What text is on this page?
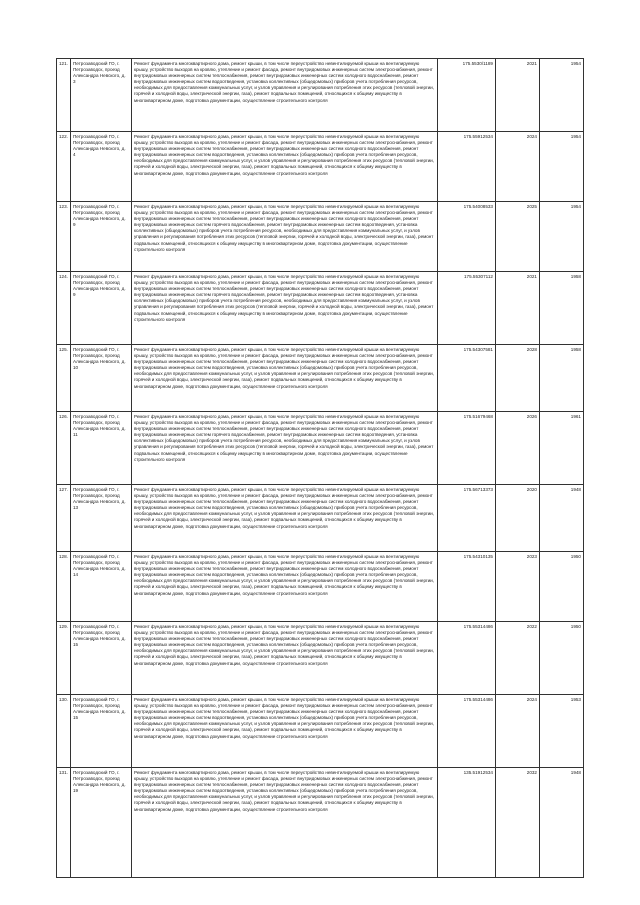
121.	Петрозаводский ГО, г. Петрозаводск, проезд Александра Невского, д. 3	Ремонт фундамента многоквартирного дома, ремонт крыши, в том числе переустройство невентилируемой крыши на вентилируемую крышу, устройство выходов на кровлю, утепление и ремонт фасада, ремонт внутридомовых инженерных систем электроснабжения, ремонт внутридомовых инженерных систем теплоснабжения, ремонт внутридомовых инженерных систем холодного водоснабжения, ремонт внутридомовых инженерных систем водоотведения, установка коллективных (общедомовых) приборов учета потребления ресурсов, необходимых для предоставления коммунальных услуг, и узлов управления и регулирования потребления этих ресурсов (тепловой энергии, горячей и холодной воды, электрической энергии, газа), ремонт подвальных помещений, относящихся к общему имуществу в многоквартирном доме, подготовка документации, осуществление строительного контроля	175.5530/1189	2021	1954
122.	Петрозаводский ГО, г. Петрозаводск, проезд Александра Невского, д. 4	Ремонт фундамента многоквартирного дома, ремонт крыши, в том числе переустройство невентилируемой крыши на вентилируемую крышу, устройство выходов на кровлю, утепление и ремонт фасада, ремонт внутридомовых инженерных систем электроснабжения, ремонт внутридомовых инженерных систем теплоснабжения, ремонт внутридомовых инженерных систем холодного водоснабжения, ремонт внутридомовых инженерных систем водоотведения, установка коллективных (общедомовых) приборов учета потребления ресурсов, необходимых для предоставления коммунальных услуг, и узлов управления и регулирования потребления этих ресурсов (тепловой энергии, горячей и холодной воды, электрической энергии, газа), ремонт подвальных помещений, относящихся к общему имуществу в многоквартирном доме, подготовка документации, осуществление строительного контроля	175.55912534	2024	1954
123.	Петрозаводский ГО, г. Петрозаводск, проезд Александра Невского, д. 9	Ремонт фундамента многоквартирного дома, ремонт крыши, в том числе переустройство невентилируемой крыши на вентилируемую крышу, устройство выходов на кровлю, утепление и ремонт фасада, ремонт внутридомовых инженерных систем электроснабжения, ремонт внутридомовых инженерных систем теплоснабжения, ремонт внутридомовых инженерных систем холодного водоснабжения, ремонт внутридомовых инженерных систем горячего водоснабжения, ремонт внутридомовых инженерных систем водоотведения, установка коллективных (общедомовых) приборов учета потребления ресурсов, необходимых для предоставления коммунальных услуг, и узлов управления и регулирования потребления этих ресурсов (тепловой энергии, горячей и холодной воды, электрической энергии, газа), ремонт подвальных помещений, относящихся к общему имуществу в многоквартирном доме, подготовка документации, осуществление строительного контроля	175.54008533	2025	1954
124.	Петрозаводский ГО, г. Петрозаводск, проезд Александра Невского, д. 9	Ремонт фундамента многоквартирного дома, ремонт крыши, в том числе переустройство невентилируемой крыши на вентилируемую крышу, устройство выходов на кровлю, утепление и ремонт фасада, ремонт внутридомовых инженерных систем электроснабжения, ремонт внутридомовых инженерных систем теплоснабжения, ремонт внутридомовых инженерных систем холодного водоснабжения, ремонт внутридомовых инженерных систем горячего водоснабжения, ремонт внутридомовых инженерных систем водоотведения, установка коллективных (общедомовых) приборов учета потребления ресурсов, необходимых для предоставления коммунальных услуг, и узлов управления и регулирования потребления этих ресурсов (тепловой энергии, горячей и холодной воды, электрической энергии, газа), ремонт подвальных помещений, относящихся к общему имуществу в многоквартирном доме, подготовка документации, осуществление строительного контроля	175.55307112	2021	1958
125.	Петрозаводский ГО, г. Петрозаводск, проезд Александра Невского, д. 10	Ремонт фундамента многоквартирного дома, ремонт крыши, в том числе переустройство невентилируемой крыши на вентилируемую крышу, устройство выходов на кровлю, утепление и ремонт фасада, ремонт внутридомовых инженерных систем электроснабжения, ремонт внутридомовых инженерных систем теплоснабжения, ремонт внутридомовых инженерных систем холодного водоснабжения, ремонт внутридомовых инженерных систем водоотведения, установка коллективных (общедомовых) приборов учета потребления ресурсов, необходимых для предоставления коммунальных услуг, и узлов управления и регулирования потребления этих ресурсов (тепловой энергии, горячей и холодной воды, электрической энергии, газа), ремонт подвальных помещений, относящихся к общему имуществу в многоквартирном доме, подготовка документации, осуществление строительного контроля	175.54307581	2028	1958
126.	Петрозаводский ГО, г. Петрозаводск, проезд Александра Невского, д. 11	Ремонт фундамента многоквартирного дома, ремонт крыши, в том числе переустройство невентилируемой крыши на вентилируемую крышу, устройство выходов на кровлю, утепление и ремонт фасада, ремонт внутридомовых инженерных систем электроснабжения, ремонт внутридомовых инженерных систем теплоснабжения, ремонт внутридомовых инженерных систем холодного водоснабжения, ремонт внутридомовых инженерных систем горячего водоснабжения, ремонт внутридомовых инженерных систем водоотведения, установка коллективных (общедомовых) приборов учета потребления ресурсов, необходимых для предоставления коммунальных услуг, и узлов управления и регулирования потребления этих ресурсов (тепловой энергии, горячей и холодной воды, электрической энергии, газа), ремонт подвальных помещений, относящихся к общему имуществу в многоквартирном доме, подготовка документации, осуществление строительного контроля	175.51679468	2026	1961
127.	Петрозаводский ГО, г. Петрозаводск, проезд Александра Невского, д. 13	Ремонт фундамента многоквартирного дома, ремонт крыши, в том числе переустройство невентилируемой крыши на вентилируемую крышу, устройство выходов на кровлю, утепление и ремонт фасада, ремонт внутридомовых инженерных систем электроснабжения, ремонт внутридомовых инженерных систем теплоснабжения, ремонт внутридомовых инженерных систем холодного водоснабжения, ремонт внутридомовых инженерных систем водоотведения, установка коллективных (общедомовых) приборов учета потребления ресурсов, необходимых для предоставления коммунальных услуг, и узлов управления и регулирования потребления этих ресурсов (тепловой энергии, горячей и холодной воды, электрической энергии, газа), ремонт подвальных помещений, относящихся к общему имуществу в многоквартирном доме, подготовка документации, осуществление строительного контроля	175.56713373	2020	1948
128.	Петрозаводский ГО, г. Петрозаводск, проезд Александра Невского, д. 14	Ремонт фундамента многоквартирного дома, ремонт крыши, в том числе переустройство невентилируемой крыши на вентилируемую крышу, устройство выходов на кровлю, утепление и ремонт фасада, ремонт внутридомовых инженерных систем электроснабжения, ремонт внутридомовых инженерных систем теплоснабжения, ремонт внутридомовых инженерных систем холодного водоснабжения, ремонт внутридомовых инженерных систем водоотведения, установка коллективных (общедомовых) приборов учета потребления ресурсов, необходимых для предоставления коммунальных услуг, и узлов управления и регулирования потребления этих ресурсов (тепловой энергии, горячей и холодной воды, электрической энергии, газа), ремонт подвальных помещений, относящихся к общему имуществу в многоквартирном доме, подготовка документации, осуществление строительного контроля	175.54310135	2023	1950
129.	Петрозаводский ГО, г. Петрозаводск, проезд Александра Невского, д. 15	Ремонт фундамента многоквартирного дома, ремонт крыши, в том числе переустройство невентилируемой крыши на вентилируемую крышу, устройство выходов на кровлю, утепление и ремонт фасада, ремонт внутридомовых инженерных систем электроснабжения, ремонт внутридомовых инженерных систем теплоснабжения, ремонт внутридомовых инженерных систем холодного водоснабжения, ремонт внутридомовых инженерных систем водоотведения, установка коллективных (общедомовых) приборов учета потребления ресурсов, необходимых для предоставления коммунальных услуг, и узлов управления и регулирования потребления этих ресурсов (тепловой энергии, горячей и холодной воды, электрической энергии, газа), ремонт подвальных помещений, относящихся к общему имуществу в многоквартирном доме, подготовка документации, осуществление строительного контроля	175.55314486	2022	1950
130.	Петрозаводский ГО, г. Петрозаводск, проезд Александра Невского, д. 15	Ремонт фундамента многоквартирного дома, ремонт крыши, в том числе переустройство невентилируемой крыши на вентилируемую крышу, устройство выходов на кровлю, утепление и ремонт фасада, ремонт внутридомовых инженерных систем электроснабжения, ремонт внутридомовых инженерных систем теплоснабжения, ремонт внутридомовых инженерных систем холодного водоснабжения, ремонт внутридомовых инженерных систем водоотведения, установка коллективных (общедомовых) приборов учета потребления ресурсов, необходимых для предоставления коммунальных услуг, и узлов управления и регулирования потребления этих ресурсов (тепловой энергии, горячей и холодной воды, электрической энергии, газа), ремонт подвальных помещений, относящихся к общему имуществу в многоквартирном доме, подготовка документации, осуществление строительного контроля	175.55314486	2024	1953
131.	Петрозаводский ГО, г. Петрозаводск, проезд Александра Невского, д. 19	Ремонт фундамента многоквартирного дома, ремонт крыши, в том числе переустройство невентилируемой крыши на вентилируемую крышу, устройство выходов на кровлю, утепление и ремонт фасада, ремонт внутридомовых инженерных систем электроснабжения, ремонт внутридомовых инженерных систем теплоснабжения, ремонт внутридомовых инженерных систем холодного водоснабжения, ремонт внутридомовых инженерных систем водоотведения, установка коллективных (общедомовых) приборов учета потребления ресурсов, необходимых для предоставления коммунальных услуг, и узлов управления и регулирования потребления этих ресурсов (тепловой энергии, горячей и холодной воды, электрической энергии, газа), ремонт подвальных помещений, относящихся к общему имуществу в многоквартирном доме, подготовка документации, осуществление строительного контроля	135.51912534	2032	1948
